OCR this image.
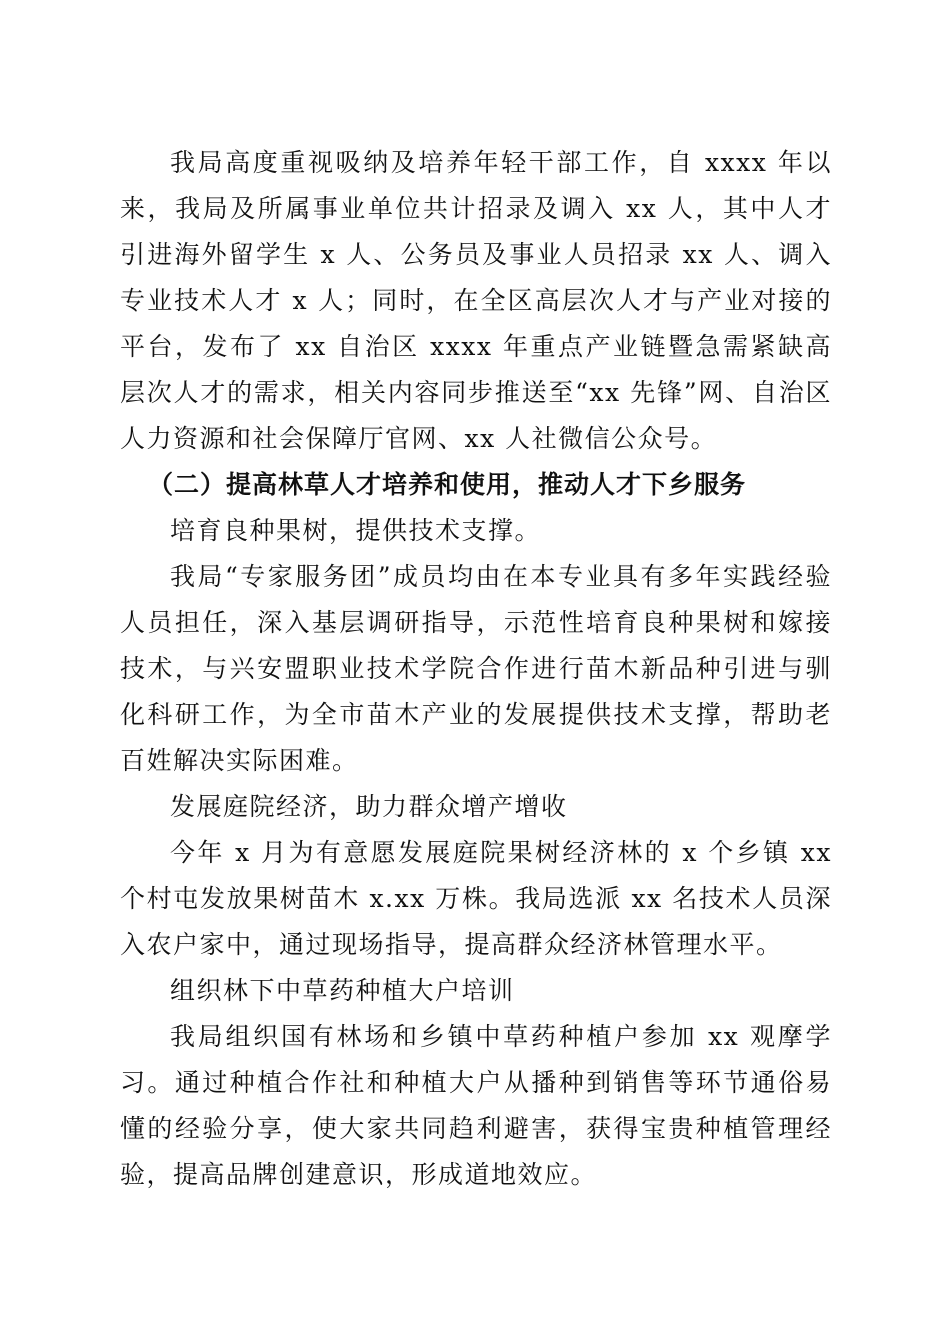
我局高度重视吸纳及培养年轻干部工作，自 xxxx 年以来，我局及所属事业单位共计招录及调入 xx 人，其中人才引进海外留学生 x 人、公务员及事业人员招录 xx 人、调入专业技术人才 x 人；同时，在全区高层次人才与产业对接的平台，发布了 xx 自治区 xxxx 年重点产业链暨急需紧缺高层次人才的需求，相关内容同步推送至“xx 先锋”网、自治区人力资源和社会保障厅官网、xx 人社微信公众号。

（二）提高林草人才培养和使用，推动人才下乡服务

培育良种果树，提供技术支撑。

我局“专家服务团”成员均由在本专业具有多年实践经验人员担任，深入基层调研指导，示范性培育良种果树和嫁接技术，与兴安盟职业技术学院合作进行苗木新品种引进与驯化科研工作，为全市苗木产业的发展提供技术支撑，帮助老百姓解决实际困难。

发展庭院经济，助力群众增产增收

今年 x 月为有意愿发展庭院果树经济林的 x 个乡镇 xx 个村屯发放果树苗木 x.xx 万株。我局选派 xx 名技术人员深入农户家中，通过现场指导，提高群众经济林管理水平。

组织林下中草药种植大户培训

我局组织国有林场和乡镇中草药种植户参加 xx 观摩学习。通过种植合作社和种植大户从播种到销售等环节通俗易懂的经验分享，使大家共同趋利避害，获得宝贵种植管理经验，提高品牌创建意识，形成道地效应。
